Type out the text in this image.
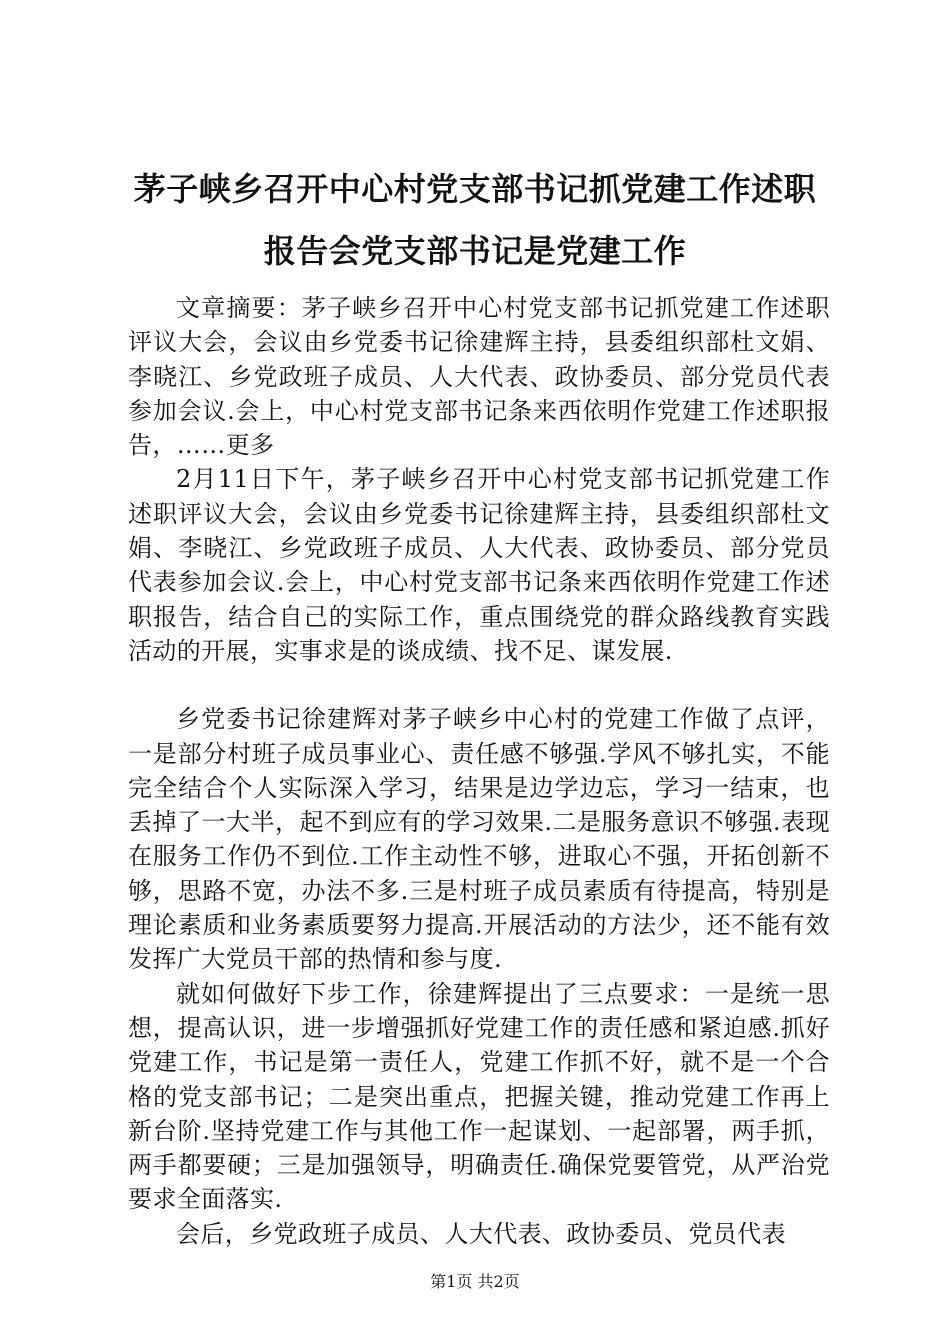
茅子峡乡召开中心村党支部书记抓党建工作述职报告会党支部书记是党建工作

文章摘要：茅子峡乡召开中心村党支部书记抓党建工作述职评议大会，会议由乡党委书记徐建辉主持，县委组织部杜文娟、李晓江、乡党政班子成员、人大代表、政协委员、部分党员代表参加会议.会上，中心村党支部书记条来西依明作党建工作述职报告，……更多

2月11日下午，茅子峡乡召开中心村党支部书记抓党建工作述职评议大会，会议由乡党委书记徐建辉主持，县委组织部杜文娟、李晓江、乡党政班子成员、人大代表、政协委员、部分党员代表参加会议.会上，中心村党支部书记条来西依明作党建工作述职报告，结合自己的实际工作，重点围绕党的群众路线教育实践活动的开展，实事求是的谈成绩、找不足、谋发展.

乡党委书记徐建辉对茅子峡乡中心村的党建工作做了点评，一是部分村班子成员事业心、责任感不够强.学风不够扎实，不能完全结合个人实际深入学习，结果是边学边忘，学习一结束，也丢掉了一大半，起不到应有的学习效果.二是服务意识不够强.表现在服务工作仍不到位.工作主动性不够，进取心不强，开拓创新不够，思路不宽，办法不多.三是村班子成员素质有待提高，特别是理论素质和业务素质要努力提高.开展活动的方法少，还不能有效发挥广大党员干部的热情和参与度.

就如何做好下步工作，徐建辉提出了三点要求：一是统一思想，提高认识，进一步增强抓好党建工作的责任感和紧迫感.抓好党建工作，书记是第一责任人，党建工作抓不好，就不是一个合格的党支部书记；二是突出重点，把握关键，推动党建工作再上新台阶.坚持党建工作与其他工作一起谋划、一起部署，两手抓，两手都要硬；三是加强领导，明确责任.确保党要管党，从严治党要求全面落实.

会后，乡党政班子成员、人大代表、政协委员、党员代表

第1页 共2页
